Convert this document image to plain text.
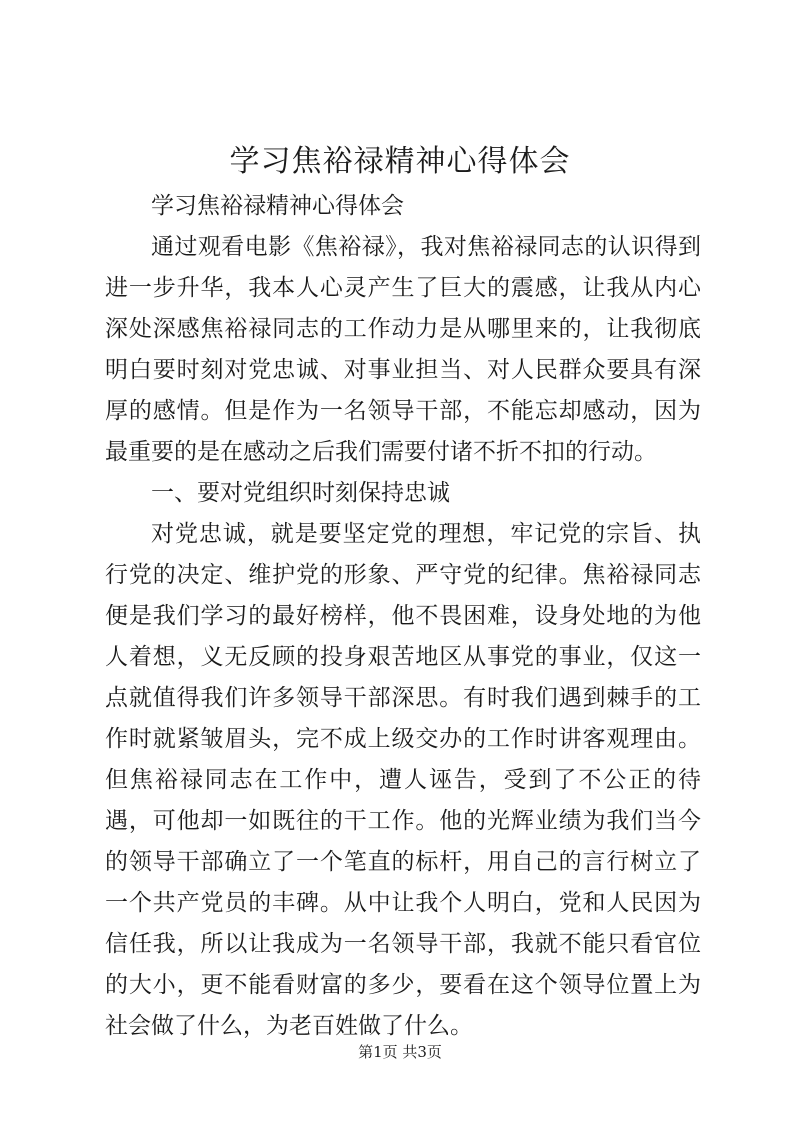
学习焦裕禄精神心得体会

学习焦裕禄精神心得体会

通过观看电影《焦裕禄》，我对焦裕禄同志的认识得到进一步升华，我本人心灵产生了巨大的震感，让我从内心深处深感焦裕禄同志的工作动力是从哪里来的，让我彻底明白要时刻对党忠诚、对事业担当、对人民群众要具有深厚的感情。但是作为一名领导干部，不能忘却感动，因为最重要的是在感动之后我们需要付诸不折不扣的行动。

一、要对党组织时刻保持忠诚

对党忠诚，就是要坚定党的理想，牢记党的宗旨、执行党的决定、维护党的形象、严守党的纪律。焦裕禄同志便是我们学习的最好榜样，他不畏困难，设身处地的为他人着想，义无反顾的投身艰苦地区从事党的事业，仅这一点就值得我们许多领导干部深思。有时我们遇到棘手的工作时就紧皱眉头，完不成上级交办的工作时讲客观理由。但焦裕禄同志在工作中，遭人诬告，受到了不公正的待遇，可他却一如既往的干工作。他的光辉业绩为我们当今的领导干部确立了一个笔直的标杆，用自己的言行树立了一个共产党员的丰碑。从中让我个人明白，党和人民因为信任我，所以让我成为一名领导干部，我就不能只看官位的大小，更不能看财富的多少，要看在这个领导位置上为社会做了什么，为老百姓做了什么。

第1页 共3页
